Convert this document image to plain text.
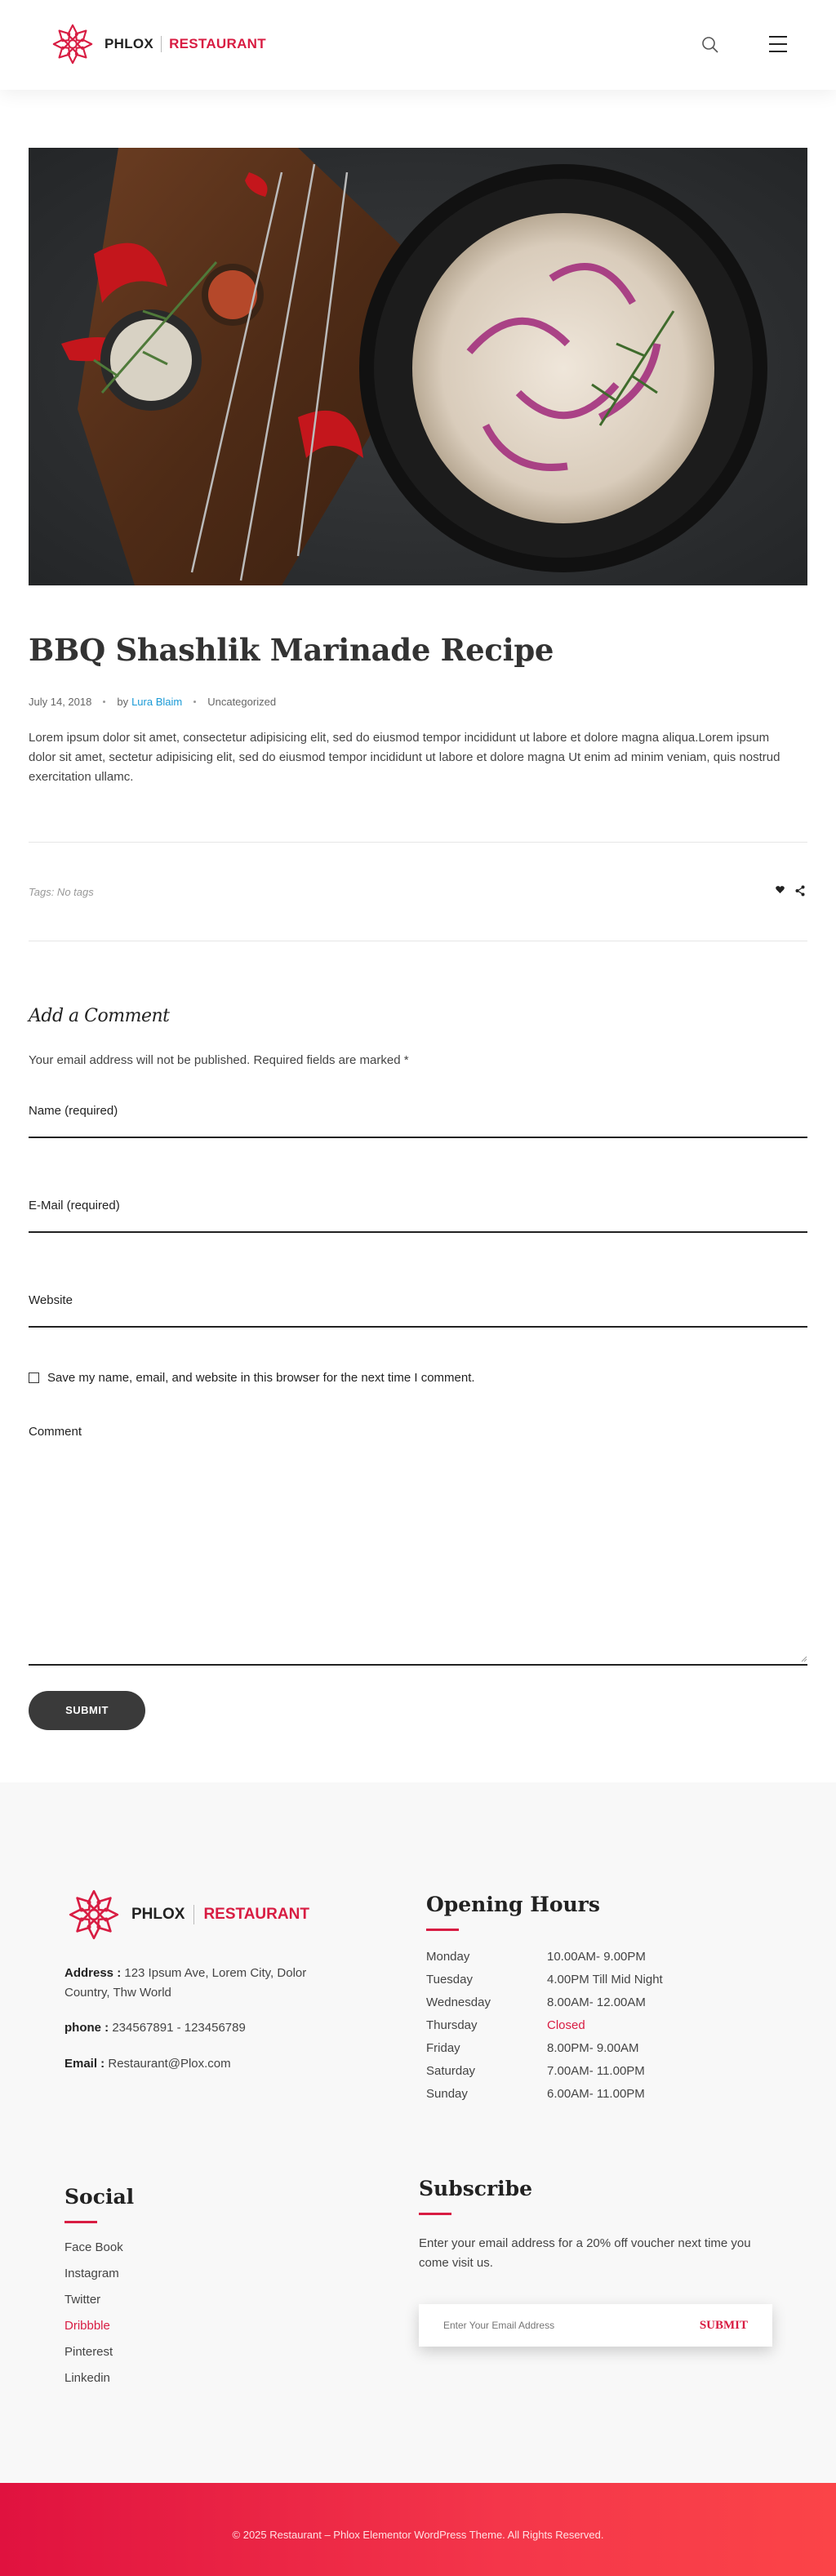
PHLOX RESTAURANT
BBQ Shashlik Marinade Recipe
July 14, 2018 by Lura Blaim Uncategorized

Lorem ipsum dolor sit amet, consectetur adipisicing elit, sed do eiusmod tempor incididunt ut labore et dolore magna aliqua.Lorem ipsum dolor sit amet, sectetur adipisicing elit, sed do eiusmod tempor incididunt ut labore et dolore magna Ut enim ad minim veniam, quis nostrud exercitation ullamc.

Tags: No tags
Add a Comment
Your email address will not be published. Required fields are marked *
Name (required)
E-Mail (required)
Website
Save my name, email, and website in this browser for the next time I comment.
Comment
SUBMIT
PHLOX RESTAURANT
Address : 123 Ipsum Ave, Lorem City, Dolor Country, Thw World
phone : 234567891 - 123456789
Email : Restaurant@Plox.com
Opening Hours
Monday	10.00AM- 9.00PM
Tuesday	4.00PM Till Mid Night
Wednesday	8.00AM- 12.00AM
Thursday	Closed
Friday	8.00PM- 9.00AM
Saturday	7.00AM- 11.00PM
Sunday	6.00AM- 11.00PM
Social
Face Book
Instagram
Twitter
Dribbble
Pinterest
Linkedin
Subscribe
Enter your email address for a 20% off voucher next time you come visit us.
Enter Your Email Address
SUBMIT
© 2025 Restaurant – Phlox Elementor WordPress Theme. All Rights Reserved.
